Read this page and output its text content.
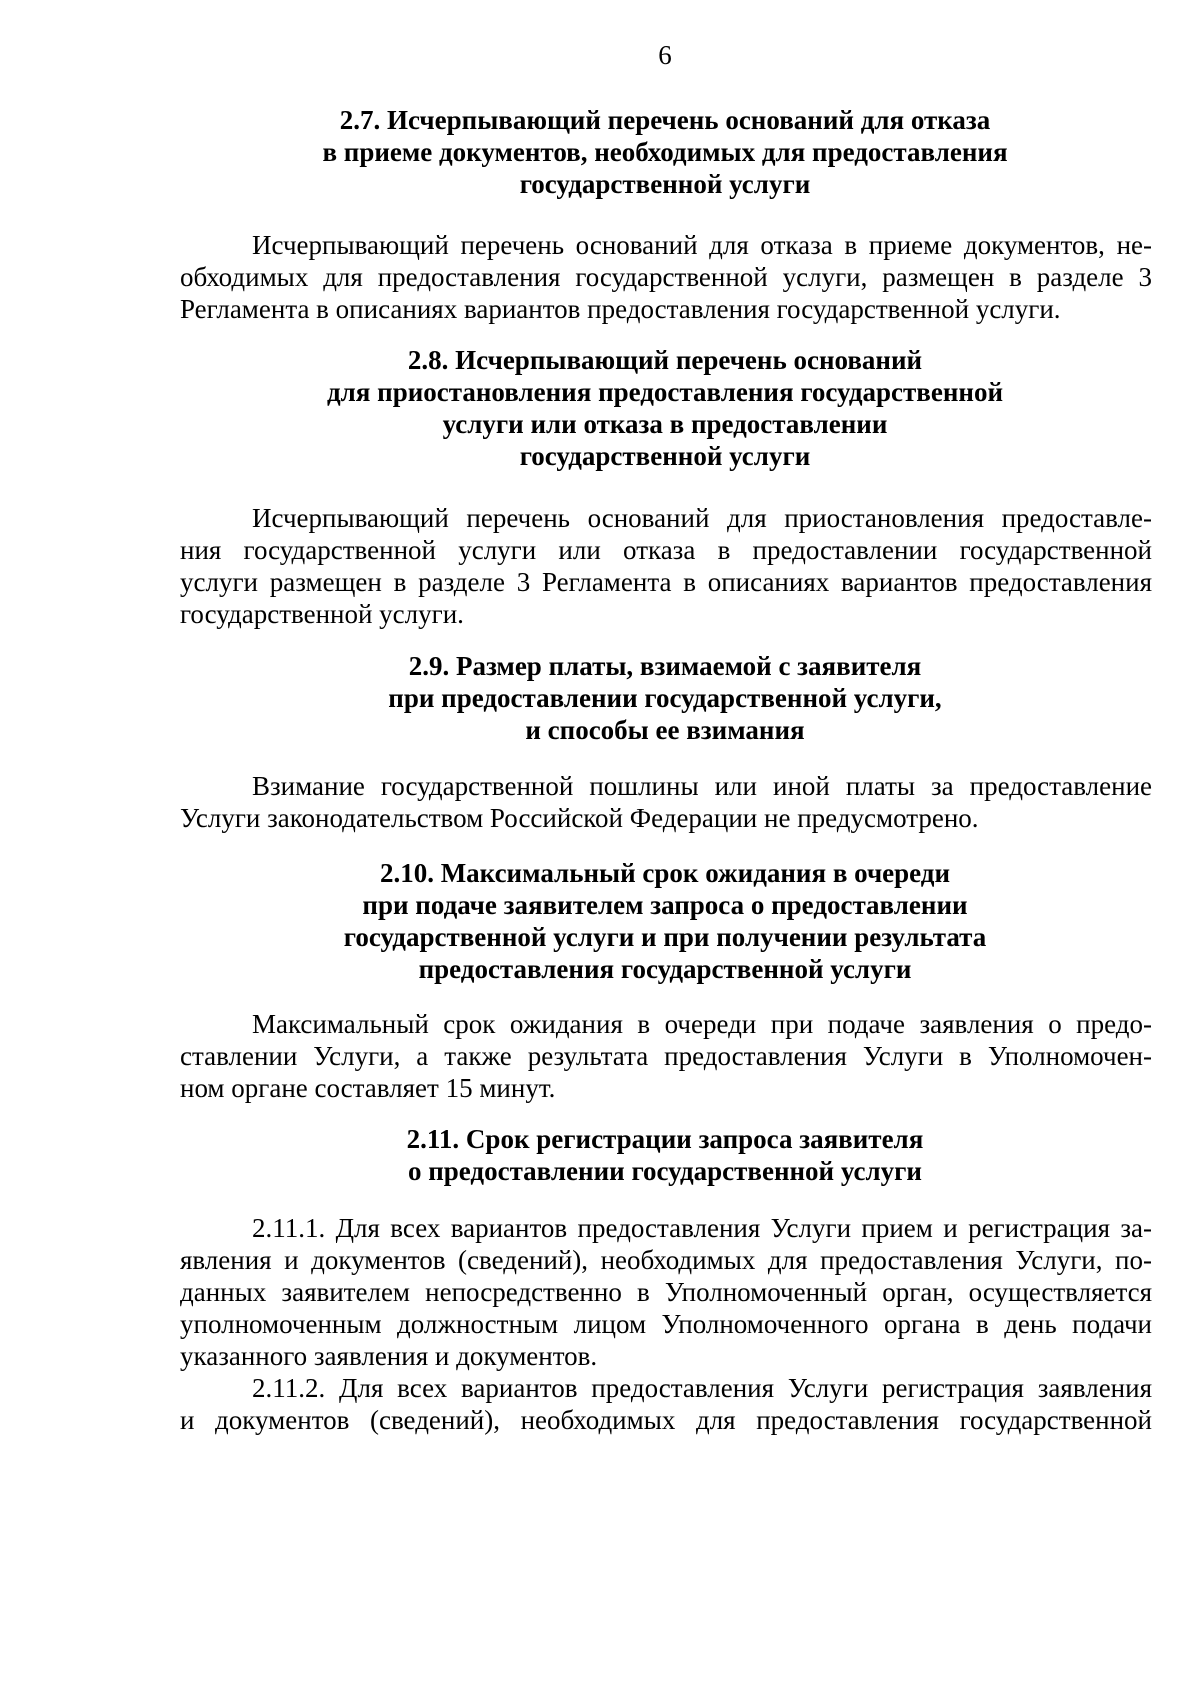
6
2.7. Исчерпывающий перечень оснований для отказа
в приеме документов, необходимых для предоставления
государственной услуги
Исчерпывающий перечень оснований для отказа в приеме документов, не-
обходимых для предоставления государственной услуги, размещен в разделе 3
Регламента в описаниях вариантов предоставления государственной услуги.
2.8. Исчерпывающий перечень оснований
для приостановления предоставления государственной
услуги или отказа в предоставлении
государственной услуги
Исчерпывающий перечень оснований для приостановления предоставле-
ния государственной услуги или отказа в предоставлении государственной
услуги размещен в разделе 3 Регламента в описаниях вариантов предоставления
государственной услуги.
2.9. Размер платы, взимаемой с заявителя
при предоставлении государственной услуги,
и способы ее взимания
Взимание государственной пошлины или иной платы за предоставление
Услуги законодательством Российской Федерации не предусмотрено.
2.10. Максимальный срок ожидания в очереди
при подаче заявителем запроса о предоставлении
государственной услуги и при получении результата
предоставления государственной услуги
Максимальный срок ожидания в очереди при подаче заявления о предо-
ставлении Услуги, а также результата предоставления Услуги в Уполномочен-
ном органе составляет 15 минут.
2.11. Срок регистрации запроса заявителя
о предоставлении государственной услуги
2.11.1. Для всех вариантов предоставления Услуги прием и регистрация за-
явления и документов (сведений), необходимых для предоставления Услуги, по-
данных заявителем непосредственно в Уполномоченный орган, осуществляется
уполномоченным должностным лицом Уполномоченного органа в день подачи
указанного заявления и документов.
2.11.2. Для всех вариантов предоставления Услуги регистрация заявления
и документов (сведений), необходимых для предоставления государственной
